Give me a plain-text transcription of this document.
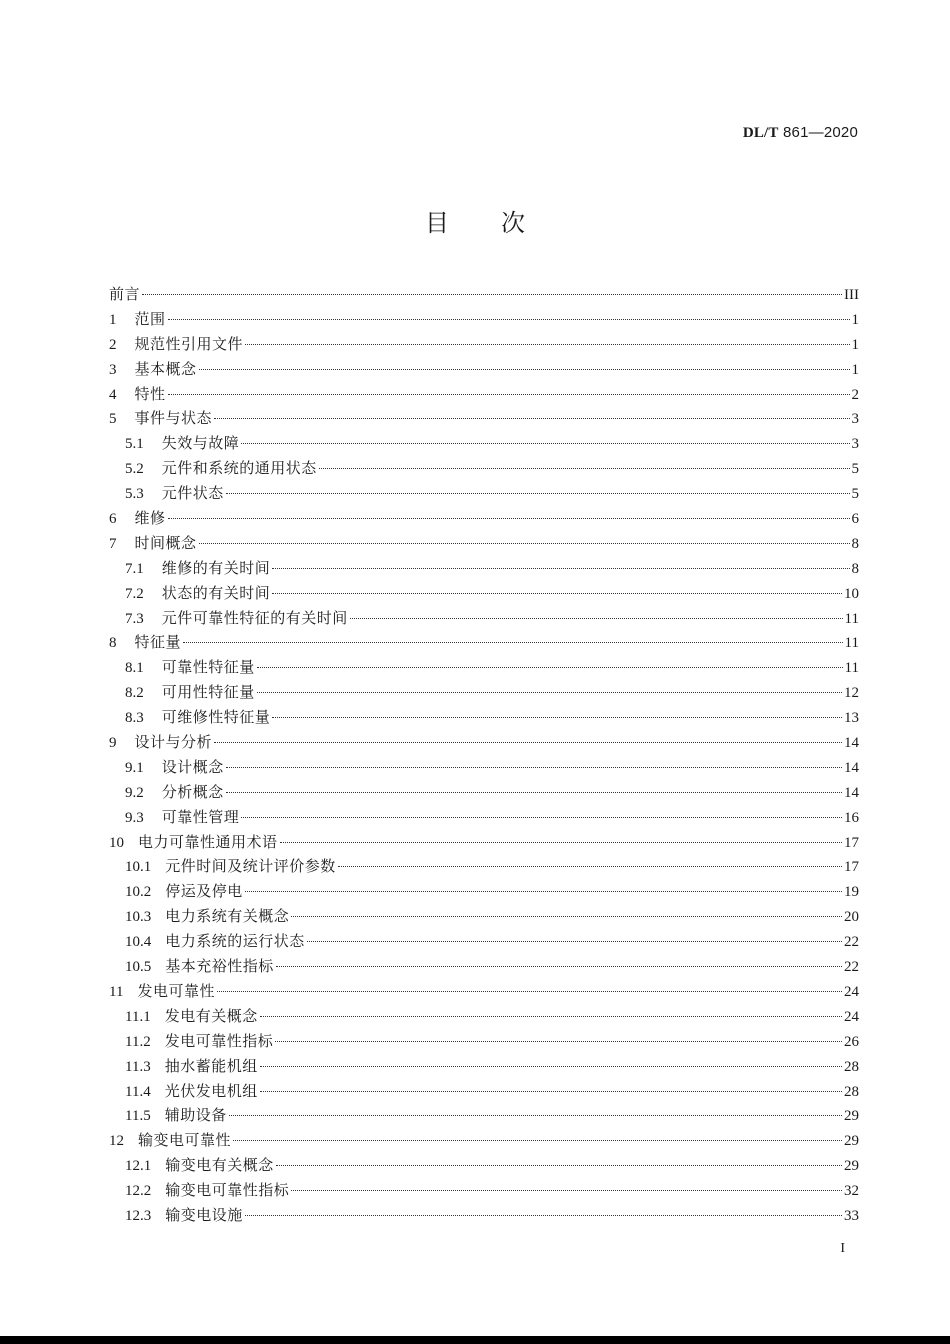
DL/T 861—2020
目次
前言	III
1 范围	1
2 规范性引用文件	1
3 基本概念	1
4 特性	2
5 事件与状态	3
5.1 失效与故障	3
5.2 元件和系统的通用状态	5
5.3 元件状态	5
6 维修	6
7 时间概念	8
7.1 维修的有关时间	8
7.2 状态的有关时间	10
7.3 元件可靠性特征的有关时间	11
8 特征量	11
8.1 可靠性特征量	11
8.2 可用性特征量	12
8.3 可维修性特征量	13
9 设计与分析	14
9.1 设计概念	14
9.2 分析概念	14
9.3 可靠性管理	16
10 电力可靠性通用术语	17
10.1 元件时间及统计评价参数	17
10.2 停运及停电	19
10.3 电力系统有关概念	20
10.4 电力系统的运行状态	22
10.5 基本充裕性指标	22
11 发电可靠性	24
11.1 发电有关概念	24
11.2 发电可靠性指标	26
11.3 抽水蓄能机组	28
11.4 光伏发电机组	28
11.5 辅助设备	29
12 输变电可靠性	29
12.1 输变电有关概念	29
12.2 输变电可靠性指标	32
12.3 输变电设施	33
I
